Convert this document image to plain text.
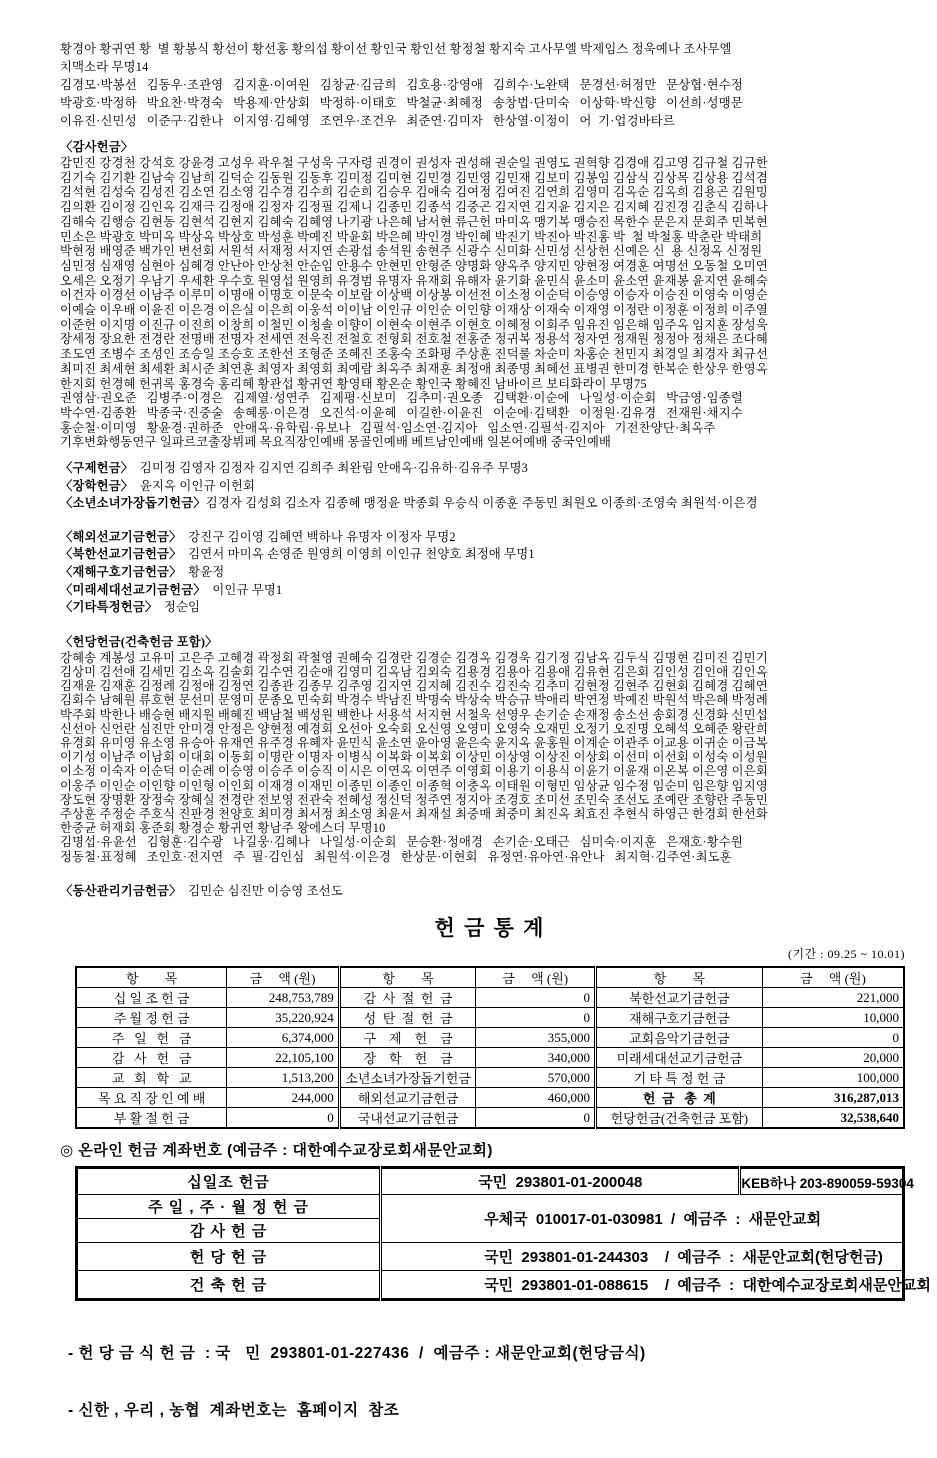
황경아 황귀연 황  별 황봉식 황선이 황선홍 황의섭 황이선 황인국 황인선 황정철 황지숙 고사무엘 박제임스 정욱예나 조사무엘
치맥소라 무명14
김경모·박봉선   김동우·조관영   김지훈·이여원   김창균·김금희   김호용·강영애   김희수·노완택   문경선·허정만   문상협·현수정
박광호·박정하   박요찬·박경숙   박용제·안상회   박정하·이태호   박철균·최혜정   송창법·단미숙   이상학·박신향   이선희·성맹문
이유진·신민성   이준구·김한나   이지영·김혜영   조연우·조건우   최준연·김미자   한상열·이정이   어  기·업겅바타르
〈감사헌금〉
감민진 강경천 강석호 강윤경 고성우 곽우철 구성욱 구자령 권경이 권성자 권성해 권순일 권영도 권혁향 김경애 김고영 김규철 김규한
김기숙 김기환 김남숙 김남희 김덕순 김동원 김동후 김미정 김미현 김민경 김민영 김민재 김보미 김봉임 김삼식 김상목 김상용 김석겸
김석현 김성숙 김성진 김소연 김소영 김수경 김수희 김순희 김승우 김애숙 김여정 김여진 김연희 김영미 김옥순 김옥희 김용곤 김원밍
김의환 김이정 김인옥 김재극 김정애 김정자 김정필 김제니 김종민 김종석 김중곤 김지연 김지윤 김지은 김지혜 김진경 김춘식 김하나
김해숙 김행승 김현동 김현석 김현지 김혜숙 김혜영 나기광 나은혜 남서현 류근헌 마미옥 맹기복 맹승진 목한수 문은지 문회주 민복현
민소은 박광호 박미옥 박상옥 박상호 박성훈 박예진 박윤회 박은혜 박인경 박인혜 박진기 박진아 박진홍 박  철 박철홍 박춘란 박태희
박현정 배영준 백가인 변선회 서원석 서재정 서지연 손광섭 송석원 송현주 신광수 신미화 신민성 신상헌 신예은 신  용 신정옥 신정원
심민정 심재영 심현아 심혜경 안난아 안상천 안순임 안용수 안현민 안형준 양명화 양옥주 양지민 양현정 여경훈 여명선 오동철 오미연
오세은 오정기 우남기 우세환 우수호 원영섭 원영희 유경범 유명자 유재회 유해자 윤기화 윤민식 윤소미 윤소연 윤재봉 윤지연 윤혜숙
이건자 이경선 이남주 이루미 이명애 이명호 이문숙 이보람 이상백 이상봉 이선전 이소정 이순덕 이승영 이승자 이승진 이영숙 이영순
이예슬 이우배 이윤진 이은경 이은실 이은희 이웅석 이이남 이인규 이인순 이인향 이재상 이재숙 이재영 이정란 이정훈 이정희 이주열
이준헌 이지명 이진규 이진희 이창희 이철민 이청솔 이향이 이현숙 이현주 이현호 이혜정 이회주 임유진 임은해 임주옥 임지훈 장성욱
장세정 장요한 전경란 전명배 전명자 전세연 전욱진 전철호 전형회 전호철 전홍준 정귀복 정용석 정자연 정재원 정정아 정채은 조다혜
조도연 조병수 조성인 조승일 조승호 조한선 조형준 조혜진 조홍숙 조화평 주상훈 진덕룰 차순미 차홍순 천민지 최경일 최경자 최규선
최미진 최세현 최세환 최시준 최연훈 최영자 최영회 최예람 최옥주 최재훈 최정애 최종명 최혜선 표병권 한미경 한복순 한상우 한영옥
한지회 헌경혜 헌귀록 홍경숙 홍리혜 황관섭 황귀연 황영태 황온순 황인국 황혜진 남바이르 보티화라이 무명75
권영삼·권오준   김병주·이경은   김제열·성연주   김제평·신보미   김추미·권오종   김택환·이순에   나일성·이순회   박금영·임종렬
박수연·김종환   박종국·진중술   송혜롱·이은경   오진석·이윤혜   이길한·이윤진   이순에·김택환   이정원·김유경   전재원·채지수
홍순철·이미영   황윤경·권하준   안애옥·유학립·유보나   김필석·임소연·김지아   임소연·김필석·김지아   기전찬양단·최옥주
기후변화행동연구 일파르코출장뷔페 목요직장인예배 몽골인예배 베트남인예배 일본어예배 중국인예배
〈구제헌금〉  김미정 김영자 김정자 김지연 김희주 최완림 안애옥·김유하·김유주 무명3
〈장학헌금〉  윤지옥 이인규 이헌회
〈소년소녀가장돕기헌금〉김경자 김성회 김소자 김종혜 맹정윤 박종회 우승식 이종훈 주동민 최원오 이종희·조영숙 최원석·이은경
〈해외선교기금헌금〉  강진구 김이영 김혜연 백하나 유명자 이정자 무명2
〈북한선교기금헌금〉  김연서 마미옥 손영준 원영희 이영희 이인규 천양호 최정애 무명1
〈재해구호기금헌금〉  황윤정
〈미래세대선교기금헌금〉  이인규 무명1
〈기타특정헌금〉  정순임
〈헌당헌금(건축헌금 포함)〉
강혜송 계봉성 고유미 고은주 고혜경 곽정회 곽철영 권혜숙 김경란 김경순 김경옥 김경욱 김기정 김남옥 김두식 김명현 김미진 김민기
김상미 김선애 김세민 김소옥 김술회 김수연 김순애 김영미 김옥남 김외숙 김용경 김용아 김용애 김유현 김은회 김인성 김인애 김인옥
김재윤 김재훈 김정례 김정애 김정연 김종관 김종무 김주영 김지연 김지혜 김진수 김진숙 김추미 김현정 김현주 김현회 김혜경 김혜연
김회수 남혜원 류호현 문선미 문영미 문종오 민숙회 박경수 박남진 박명숙 박상숙 박승규 박애리 박연정 박예진 박원석 박은혜 박정례
박주회 박한나 배승현 배지원 배혜진 백남철 백성원 백한나 서용석 서지현 서철욱 선영우 손기순 손재정 송소선 송회경 신경화 신민섭
신선아 신언란 심진만 안미경 안정은 양현정 예경회 오선아 오숙회 오신영 오영미 오영숙 오재민 오정기 오진명 오혜석 오혜준 왕란희
유경회 유미영 유소영 유승아 유재연 유주경 유혜자 윤민식 윤소연 윤아영 윤은숙 윤지옥 윤홍원 이계순 이관주 이교용 이귀순 이금복
이기성 이남주 이남회 이대회 이동회 이명란 이명자 이병식 이복화 이복회 이상민 이상영 이상진 이상회 이선미 이선회 이성숙 이성원
이소정 이숙자 이순덕 이순례 이승영 이승주 이승직 이시은 이연옥 이연주 이영회 이용기 이용식 이윤기 이윤재 이온복 이은영 이은회
이웅주 이인순 이인향 이인형 이인회 이재경 이재민 이종민 이종인 이종혁 이충옥 이태원 이형민 임상균 임수정 임순미 임은향 임지영
장도현 장명환 장정숙 장혜실 전경란 전보영 전관숙 전혜성 정신덕 정주연 정지아 조경호 조미선 조민숙 조선도 조예란 조향란 주동민
주상훈 주정순 주호식 진판경 천양호 최미경 최서정 최소영 최윤서 최재설 최중매 최중미 최진옥 최효진 추현식 하영근 한경회 한선화
한중균 허재회 홍준회 황경순 황귀연 황남주 왕에스더 무명10
김명섭·유윤선   김형훈·김수광   나길웅·김혜나   나일성·이순회   문승환·정애경   손기순·오태근   심미숙·이지훈   은재호·황수원
정동철·표정혜   조인호·전지연   주  필·김인심   최원석·이은경   한상문·이현회   유정연·유아연·유안나   최지혁·김주연·최도훈
〈동산관리기금헌금〉  김민순 심진만 이승영 조선도
헌 금 통 계
(기간 : 09.25 ~ 10.01)
항        목	금     액 (원)	항        목	금     액 (원)	항        목	금     액 (원)
십 일 조 헌 금	248,753,789	감  사  절  헌  금	0	북한선교기금헌금	221,000
주 월 정 헌 금	35,220,924	성  탄  절  헌  금	0	재해구호기금헌금	10,000
주   일   헌   금	6,374,000	구    제    헌    금	355,000	교회음악기금헌금	0
감   사   헌   금	22,105,100	장    학    헌    금	340,000	미래세대선교기금헌금	20,000
교   회   학   교	1,513,200	소년소녀가장돕기헌금	570,000	기 타 특 정 헌 금	100,000
목 요 직 장 인 예 배	244,000	해외선교기금헌금	460,000	헌  금   총  계	316,287,013
부 활 절 헌 금	0	국내선교기금헌금	0	헌당헌금(건축헌금 포함)	32,538,640
◎ 온라인 헌금 계좌번호 (예금주 : 대한예수교장로회새문안교회)
십일조 헌금	국민  293801-01-200048	KEB하나 203-890059-59304
주 일 , 주 · 월 정 헌 금	우체국  010017-01-030981  /  예금주  :  새문안교회	
감 사 헌 금		
헌 당 헌 금	국민  293801-01-244303    /  예금주  :  새문안교회(헌당헌금)	
건 축 헌 금	국민  293801-01-088615    /  예금주  :  대한예수교장로회새문안교회	

- 헌 당 금 식 헌 금  : 국   민  293801-01-227436  /  예금주 : 새문안교회(헌당금식)

- 신한 , 우리 , 농협  계좌번호는  홈페이지  참조
